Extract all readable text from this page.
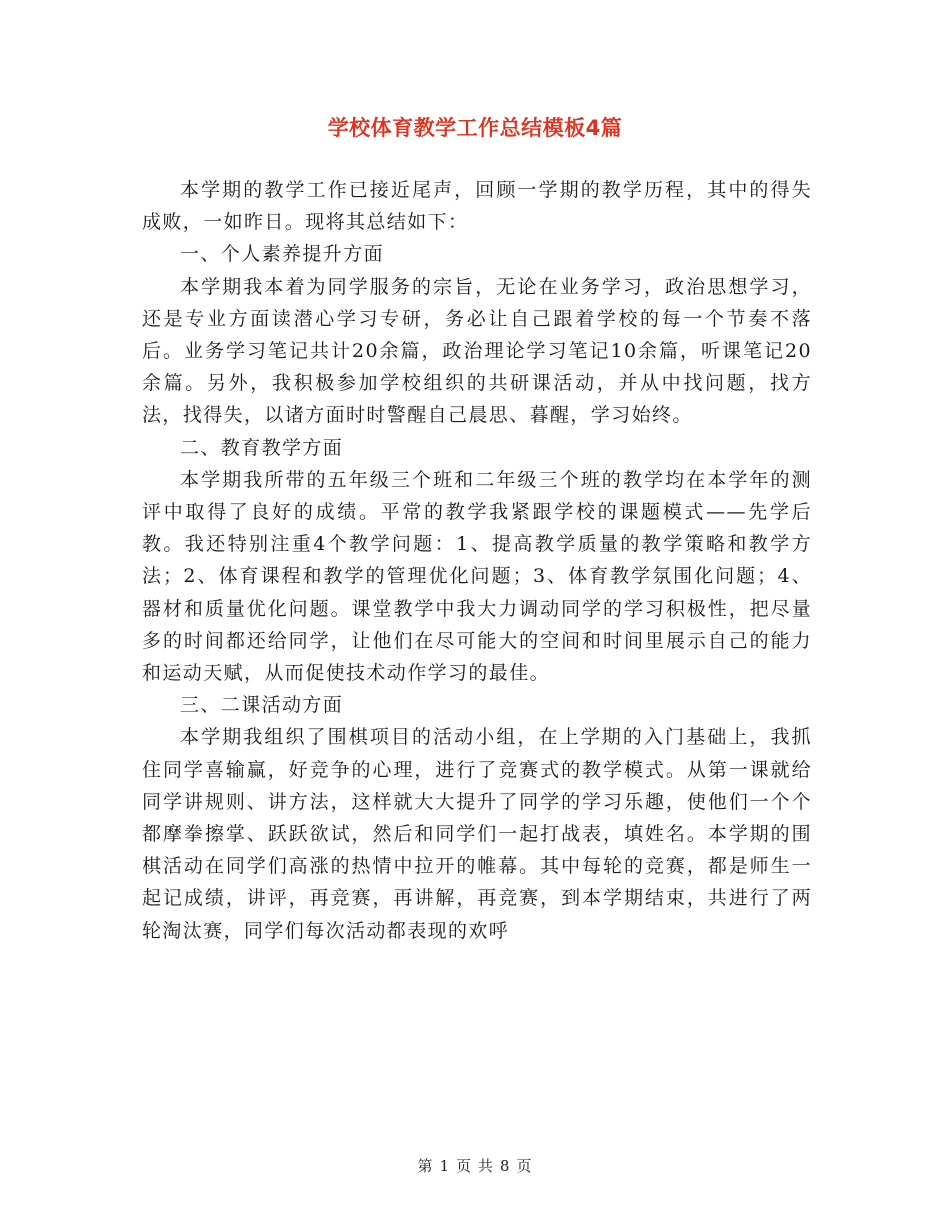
学校体育教学工作总结模板4篇

本学期的教学工作已接近尾声，回顾一学期的教学历程，其中的得失成败，一如昨日。现将其总结如下：

一、个人素养提升方面

本学期我本着为同学服务的宗旨，无论在业务学习，政治思想学习，还是专业方面读潜心学习专研，务必让自己跟着学校的每一个节奏不落后。业务学习笔记共计20余篇，政治理论学习笔记10余篇，听课笔记20余篇。另外，我积极参加学校组织的共研课活动，并从中找问题，找方法，找得失，以诸方面时时警醒自己晨思、暮醒，学习始终。

二、教育教学方面

本学期我所带的五年级三个班和二年级三个班的教学均在本学年的测评中取得了良好的成绩。平常的教学我紧跟学校的课题模式——先学后教。我还特别注重4个教学问题：1、提高教学质量的教学策略和教学方法；2、体育课程和教学的管理优化问题；3、体育教学氛围化问题；4、器材和质量优化问题。课堂教学中我大力调动同学的学习积极性，把尽量多的时间都还给同学，让他们在尽可能大的空间和时间里展示自己的能力和运动天赋，从而促使技术动作学习的最佳。

三、二课活动方面

本学期我组织了围棋项目的活动小组，在上学期的入门基础上，我抓住同学喜输赢，好竞争的心理，进行了竞赛式的教学模式。从第一课就给同学讲规则、讲方法，这样就大大提升了同学的学习乐趣，使他们一个个都摩拳擦掌、跃跃欲试，然后和同学们一起打战表，填姓名。本学期的围棋活动在同学们高涨的热情中拉开的帷幕。其中每轮的竞赛，都是师生一起记成绩，讲评，再竞赛，再讲解，再竞赛，到本学期结束，共进行了两轮淘汰赛，同学们每次活动都表现的欢呼

第 1 页 共 8 页
